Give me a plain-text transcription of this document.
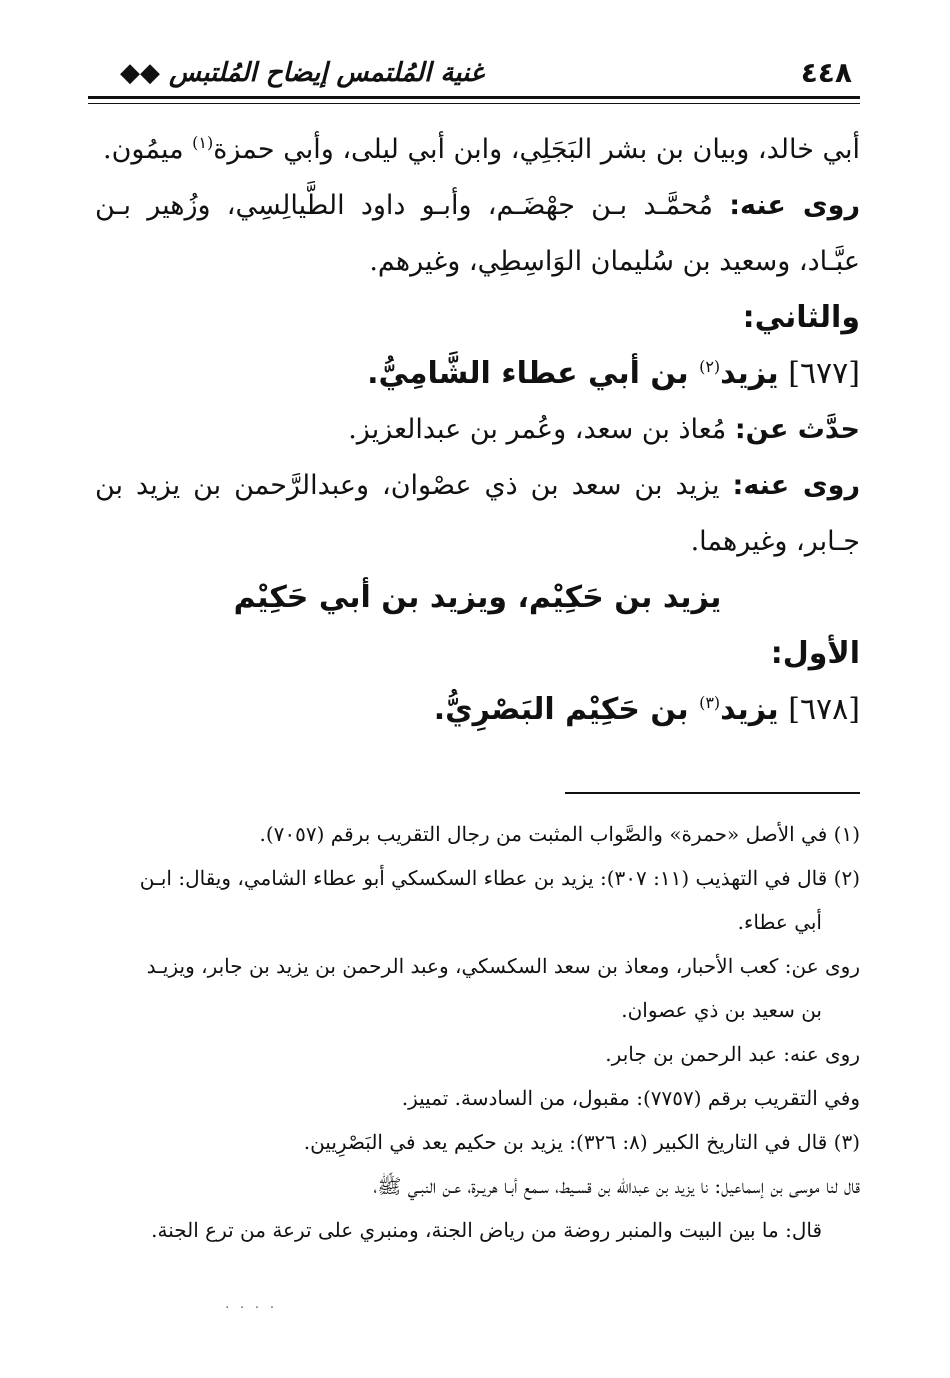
٤٤٨
غنية المُلتمس إيضاح المُلتبس ◆◆

أبي خالد، وبيان بن بشر البَجَلِي، وابن أبي ليلى، وأبي حمزة$^{(١)}$ ميمُون.

روى عنه: مُحمَّـد بـن جهْضَـم، وأبـو داود الطَّيالِسِي، وزُهير بـن عبَّـاد، وسعيد بن سُليمان الوَاسِطِي، وغيرهم.

والثاني:

[٦٧٧] يزيد$^{(٢)}$ بن أبي عطاء الشَّامِيُّ.

حدَّث عن: مُعاذ بن سعد، وعُمر بن عبدالعزيز.

روى عنه: يزيد بن سعد بن ذي عصْوان، وعبدالرَّحمن بن يزيد بن جـابر، وغيرهما.

يزيد بن حَكِيْم، ويزيد بن أبي حَكِيْم

الأول:

[٦٧٨] يزيد$^{(٣)}$ بن حَكِيْم البَصْرِيُّ.

(١) في الأصل «حمرة» والصَّواب المثبت من رجال التقريب برقم (٧٠٥٧).

(٢) قال في التهذيب (١١: ٣٠٧): يزيد بن عطاء السكسكي أبو عطاء الشامي، ويقال: ابـن

أبي عطاء.

روى عن: كعب الأحبار، ومعاذ بن سعد السكسكي، وعبد الرحمن بن يزيد بن جابر، ويزيـد

بن سعيد بن ذي عصوان.

روى عنه: عبد الرحمن بن جابر.

وفي التقريب برقم (٧٧٥٧): مقبول، من السادسة. تمييز.

(٣) قال في التاريخ الكبير (٨: ٣٢٦): يزيد بن حكيم يعد في البَصْرِيين.

قال لنا موسى بن إسماعيل: نا يزيد بن عبدالله بن قسـيط، سـمع أبـا هريـرة، عـن النبـي ﷺ،

قال: ما بين البيت والمنبر روضة من رياض الجنة، ومنبري على ترعة من ترع الجنة.

· · · ·
